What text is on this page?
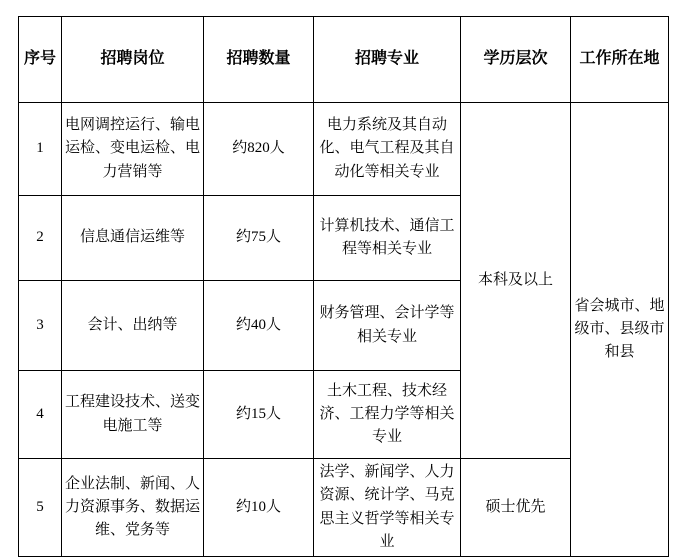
序号	招聘岗位	招聘数量	招聘专业	学历层次	工作所在地
1	电网调控运行、输电运检、变电运检、电力营销等	约820人	电力系统及其自动化、电气工程及其自动化等相关专业	本科及以上	省会城市、地级市、县级市和县
2	信息通信运维等	约75人	计算机技术、通信工程等相关专业		
3	会计、出纳等	约40人	财务管理、会计学等相关专业		
4	工程建设技术、送变电施工等	约15人	土木工程、技术经济、工程力学等相关专业		
5	企业法制、新闻、人力资源事务、数据运维、党务等	约10人	法学、新闻学、人力资源、统计学、马克思主义哲学等相关专业	硕士优先	
